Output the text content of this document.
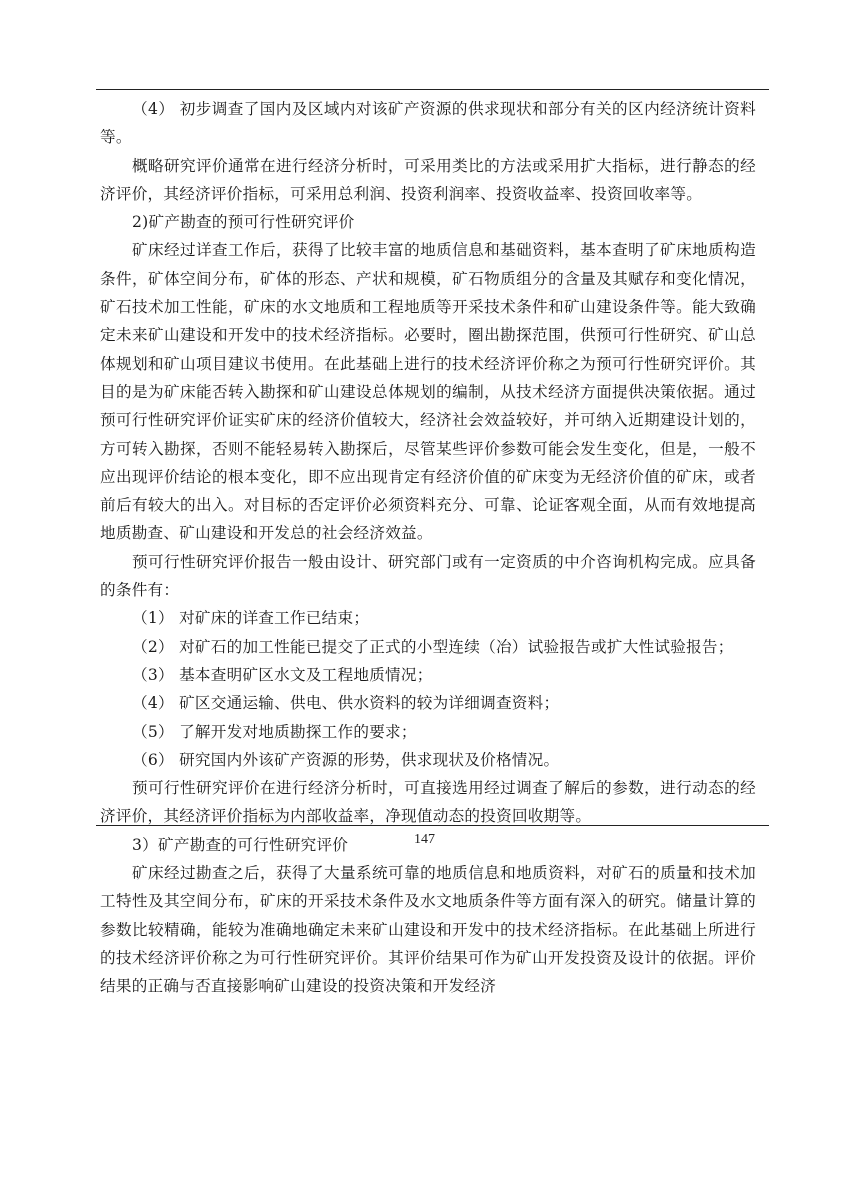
（4） 初步调查了国内及区域内对该矿产资源的供求现状和部分有关的区内经济统计资料等。

概略研究评价通常在进行经济分析时，可采用类比的方法或采用扩大指标，进行静态的经济评价，其经济评价指标，可采用总利润、投资利润率、投资收益率、投资回收率等。

2)矿产勘查的预可行性研究评价

矿床经过详查工作后，获得了比较丰富的地质信息和基础资料，基本查明了矿床地质构造条件，矿体空间分布，矿体的形态、产状和规模，矿石物质组分的含量及其赋存和变化情况，矿石技术加工性能，矿床的水文地质和工程地质等开采技术条件和矿山建设条件等。能大致确定未来矿山建设和开发中的技术经济指标。必要时，圈出勘探范围，供预可行性研究、矿山总体规划和矿山项目建议书使用。在此基础上进行的技术经济评价称之为预可行性研究评价。其目的是为矿床能否转入勘探和矿山建设总体规划的编制，从技术经济方面提供决策依据。通过预可行性研究评价证实矿床的经济价值较大，经济社会效益较好，并可纳入近期建设计划的，方可转入勘探，否则不能轻易转入勘探后，尽管某些评价参数可能会发生变化，但是，一般不应出现评价结论的根本变化，即不应出现肯定有经济价值的矿床变为无经济价值的矿床，或者前后有较大的出入。对目标的否定评价必须资料充分、可靠、论证客观全面，从而有效地提高地质勘查、矿山建设和开发总的社会经济效益。

预可行性研究评价报告一般由设计、研究部门或有一定资质的中介咨询机构完成。应具备的条件有：

（1） 对矿床的详查工作已结束；

（2） 对矿石的加工性能已提交了正式的小型连续（冶）试验报告或扩大性试验报告；

（3） 基本查明矿区水文及工程地质情况；

（4） 矿区交通运输、供电、供水资料的较为详细调查资料；

（5） 了解开发对地质勘探工作的要求；

（6） 研究国内外该矿产资源的形势，供求现状及价格情况。

预可行性研究评价在进行经济分析时，可直接选用经过调查了解后的参数，进行动态的经济评价，其经济评价指标为内部收益率，净现值动态的投资回收期等。

3）矿产勘查的可行性研究评价

矿床经过勘查之后，获得了大量系统可靠的地质信息和地质资料，对矿石的质量和技术加工特性及其空间分布，矿床的开采技术条件及水文地质条件等方面有深入的研究。储量计算的参数比较精确，能较为准确地确定未来矿山建设和开发中的技术经济指标。在此基础上所进行的技术经济评价称之为可行性研究评价。其评价结果可作为矿山开发投资及设计的依据。评价结果的正确与否直接影响矿山建设的投资决策和开发经济

147
